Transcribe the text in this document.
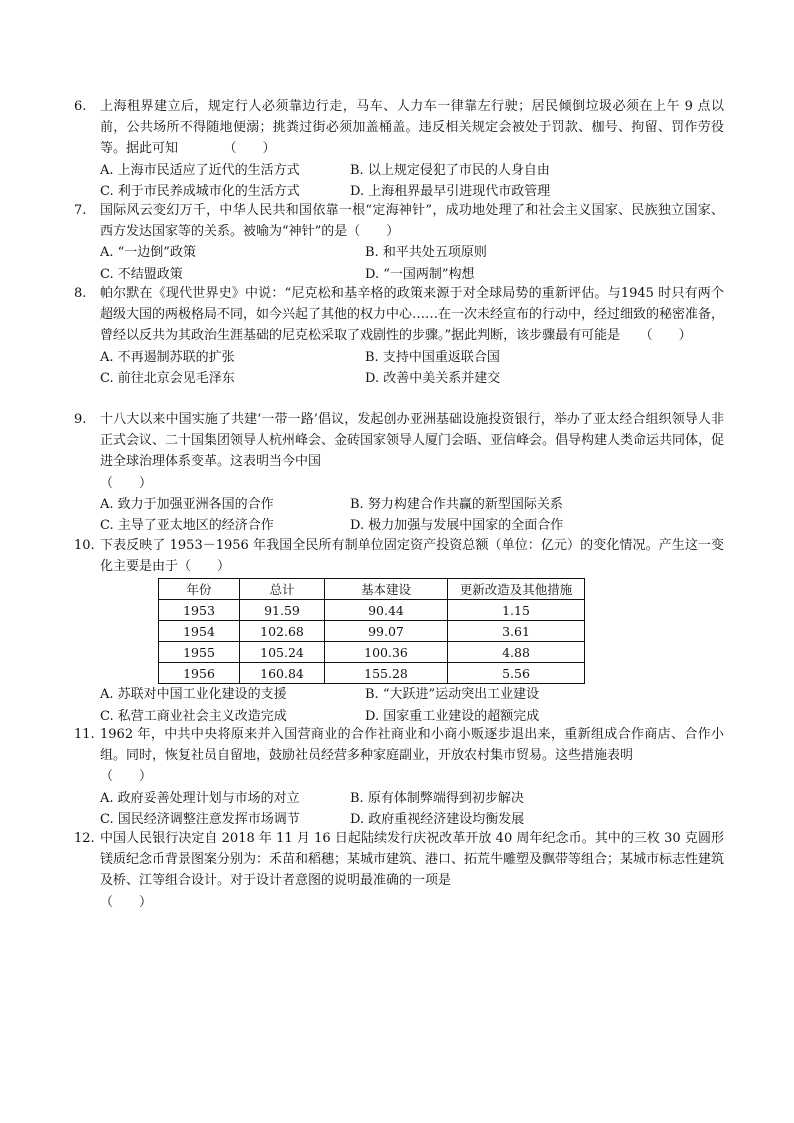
6.	上海租界建立后，规定行人必须靠边行走，马车、人力车一律靠左行驶；居民倾倒垃圾必须在上午 9 点以前，公共场所不得随地便溺；挑粪过街必须加盖桶盖。违反相关规定会被处于罚款、枷号、拘留、罚作劳役等。据此可知　　　　（　　）
A. 上海市民适应了近代的生活方式	B. 以上规定侵犯了市民的人身自由
C. 利于市民养成城市化的生活方式	D. 上海租界最早引进现代市政管理
7.	国际风云变幻万千，中华人民共和国依靠一根“定海神针”，成功地处理了和社会主义国家、民族独立国家、西方发达国家等的关系。被喻为“神针”的是（　　）
A. “一边倒”政策	B. 和平共处五项原则
C. 不结盟政策	D. “一国两制”构想
8.	帕尔默在《现代世界史》中说：“尼克松和基辛格的政策来源于对全球局势的重新评估。与1945 时只有两个超级大国的两极格局不同，如今兴起了其他的权力中心……在一次未经宣布的行动中，经过细致的秘密准备，曾经以反共为其政治生涯基础的尼克松采取了戏剧性的步骤。”据此判断，该步骤最有可能是　　（　　）
A. 不再遏制苏联的扩张	B. 支持中国重返联合国
C. 前往北京会见毛泽东	D. 改善中美关系并建交
9.	十八大以来中国实施了共建‘一带一路’倡议，发起创办亚洲基础设施投资银行，举办了亚太经合组织领导人非正式会议、二十国集团领导人杭州峰会、金砖国家领导人厦门会晤、亚信峰会。倡导构建人类命运共同体，促进全球治理体系变革。这表明当今中国
（　　）
A. 致力于加强亚洲各国的合作	B. 努力构建合作共赢的新型国际关系
C. 主导了亚太地区的经济合作	D. 极力加强与发展中国家的全面合作
10. 下表反映了 1953－1956 年我国全民所有制单位固定资产投资总额（单位：亿元）的变化情况。产生这一变化主要是由于（　　）
年份	总计	基本建设	更新改造及其他措施
1953	91.59	90.44	1.15
1954	102.68	99.07	3.61
1955	105.24	100.36	4.88
1956	160.84	155.28	5.56
A. 苏联对中国工业化建设的支援	B. “大跃进”运动突出工业建设
C. 私营工商业社会主义改造完成	D. 国家重工业建设的超额完成
11. 1962 年，中共中央将原来并入国营商业的合作社商业和小商小贩逐步退出来，重新组成合作商店、合作小组。同时，恢复社员自留地，鼓励社员经营多种家庭副业，开放农村集市贸易。这些措施表明
（　　）
A. 政府妥善处理计划与市场的对立	B. 原有体制弊端得到初步解决
C. 国民经济调整注意发挥市场调节	D. 政府重视经济建设均衡发展
12. 中国人民银行决定自 2018 年 11 月 16 日起陆续发行庆祝改革开放 40 周年纪念币。其中的三枚 30 克圆形镁质纪念币背景图案分别为：禾苗和稻穗；某城市建筑、港口、拓荒牛雕塑及飘带等组合；某城市标志性建筑及桥、江等组合设计。对于设计者意图的说明最准确的一项是
（　　）
